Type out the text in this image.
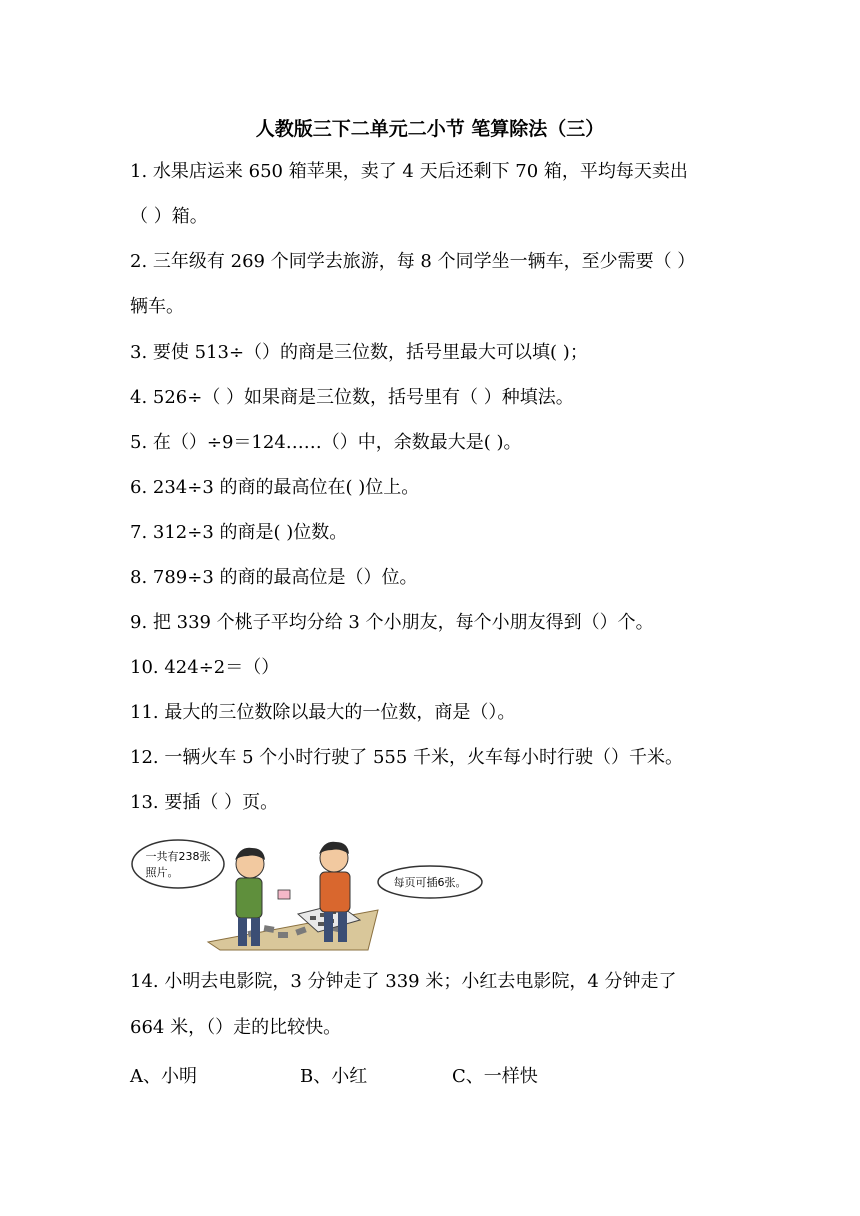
人教版三下二单元二小节 笔算除法（三）
1. 水果店运来 650 箱苹果，卖了 4 天后还剩下 70 箱，平均每天卖出
（ ）箱。
2. 三年级有 269 个同学去旅游，每 8 个同学坐一辆车，至少需要（ ）
辆车。
3. 要使 513÷（）的商是三位数，括号里最大可以填( )；
4. 526÷（ ）如果商是三位数，括号里有（ ）种填法。
5. 在（）÷9＝124……（）中，余数最大是( )。
6. 234÷3 的商的最高位在( )位上。
7. 312÷3 的商是( )位数。
8. 789÷3 的商的最高位是（）位。
9. 把 339 个桃子平均分给 3 个小朋友，每个小朋友得到（）个。
10. 424÷2＝（）
11. 最大的三位数除以最大的一位数，商是（）。
12. 一辆火车 5 个小时行驶了 555 千米，火车每小时行驶（）千米。
13. 要插（ ）页。
一共有238张
照片。
每页可插6张。
14. 小明去电影院，3 分钟走了 339 米；小红去电影院，4 分钟走了
664 米，（）走的比较快。
A、小明	B、小红	C、一样快
